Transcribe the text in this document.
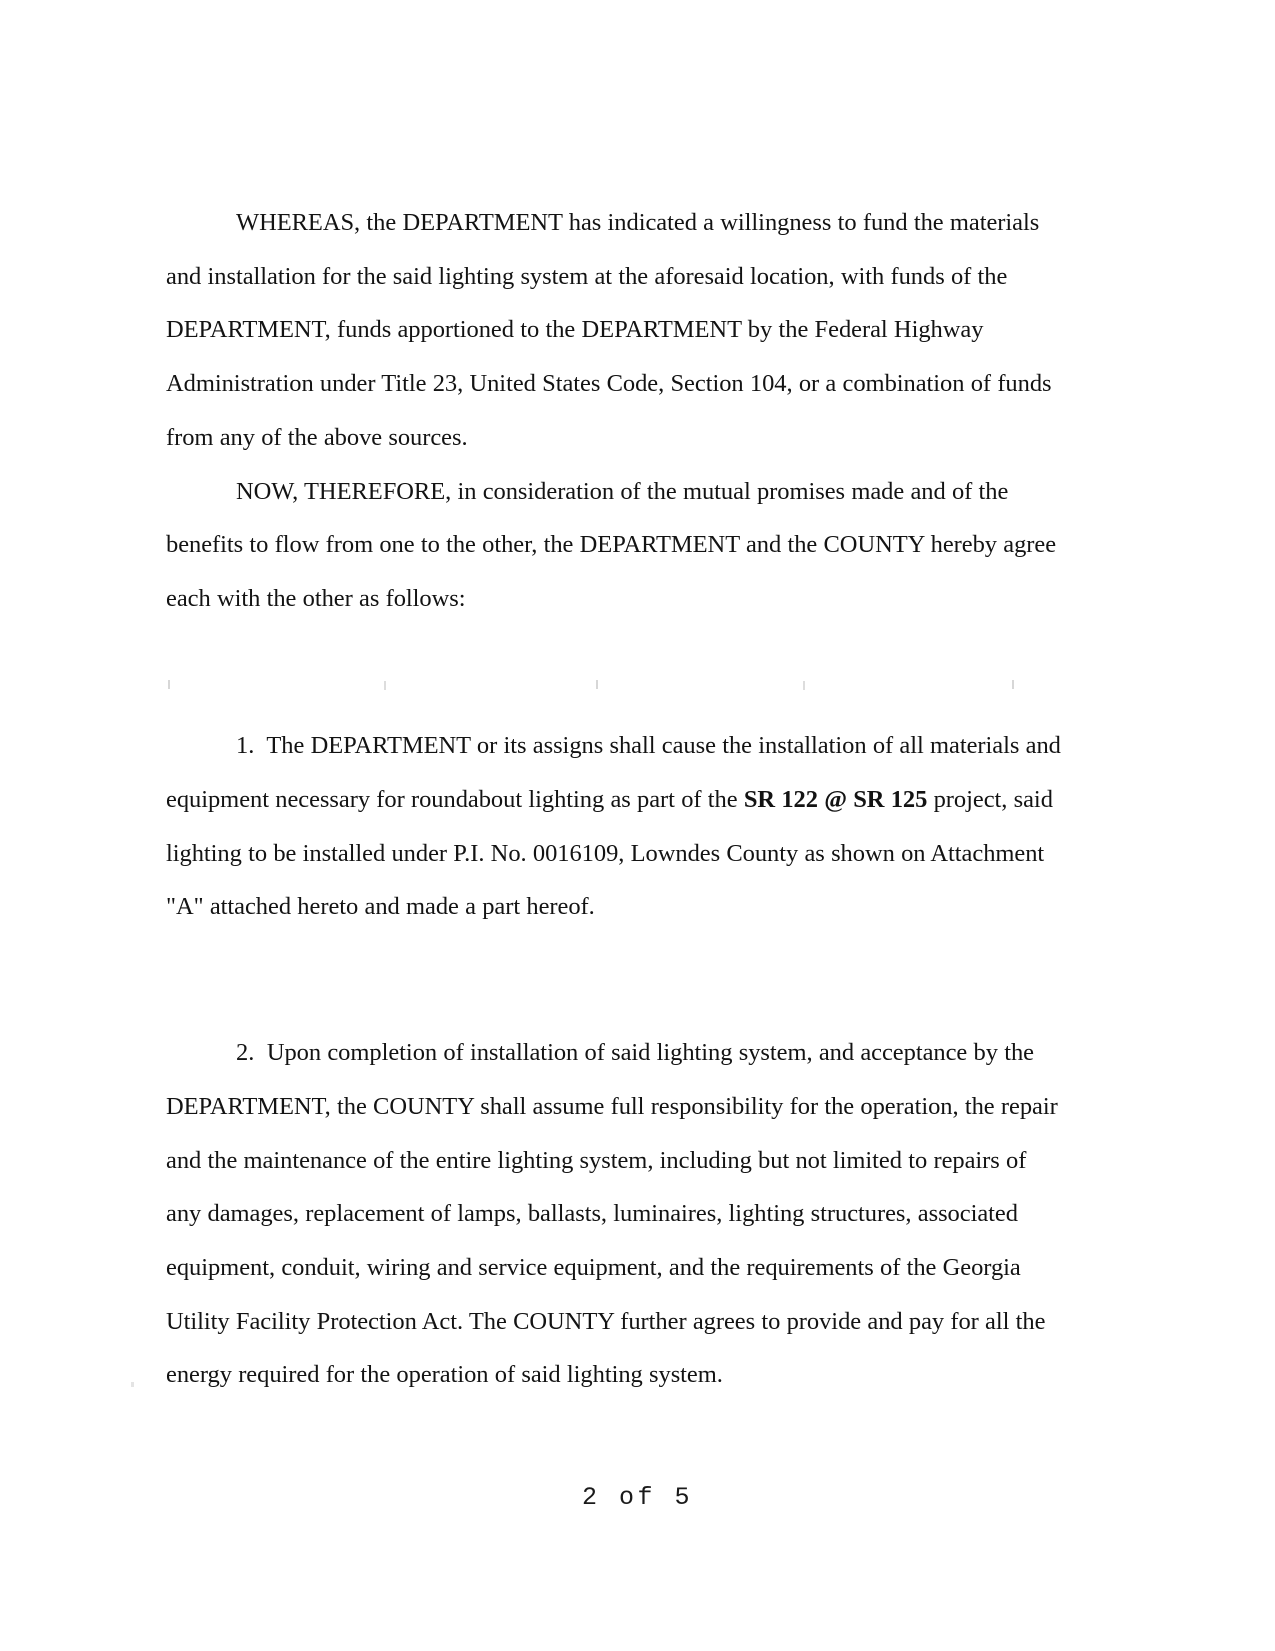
WHEREAS, the DEPARTMENT has indicated a willingness to fund the materials and installation for the said lighting system at the aforesaid location, with funds of the DEPARTMENT, funds apportioned to the DEPARTMENT by the Federal Highway Administration under Title 23, United States Code, Section 104, or a combination of funds from any of the above sources.

NOW, THEREFORE, in consideration of the mutual promises made and of the benefits to flow from one to the other, the DEPARTMENT and the COUNTY hereby agree each with the other as follows:

1. The DEPARTMENT or its assigns shall cause the installation of all materials and equipment necessary for roundabout lighting as part of the SR 122 @ SR 125 project, said lighting to be installed under P.I. No. 0016109, Lowndes County as shown on Attachment "A" attached hereto and made a part hereof.

2. Upon completion of installation of said lighting system, and acceptance by the DEPARTMENT, the COUNTY shall assume full responsibility for the operation, the repair and the maintenance of the entire lighting system, including but not limited to repairs of any damages, replacement of lamps, ballasts, luminaires, lighting structures, associated equipment, conduit, wiring and service equipment, and the requirements of the Georgia Utility Facility Protection Act. The COUNTY further agrees to provide and pay for all the energy required for the operation of said lighting system.

2 of 5
